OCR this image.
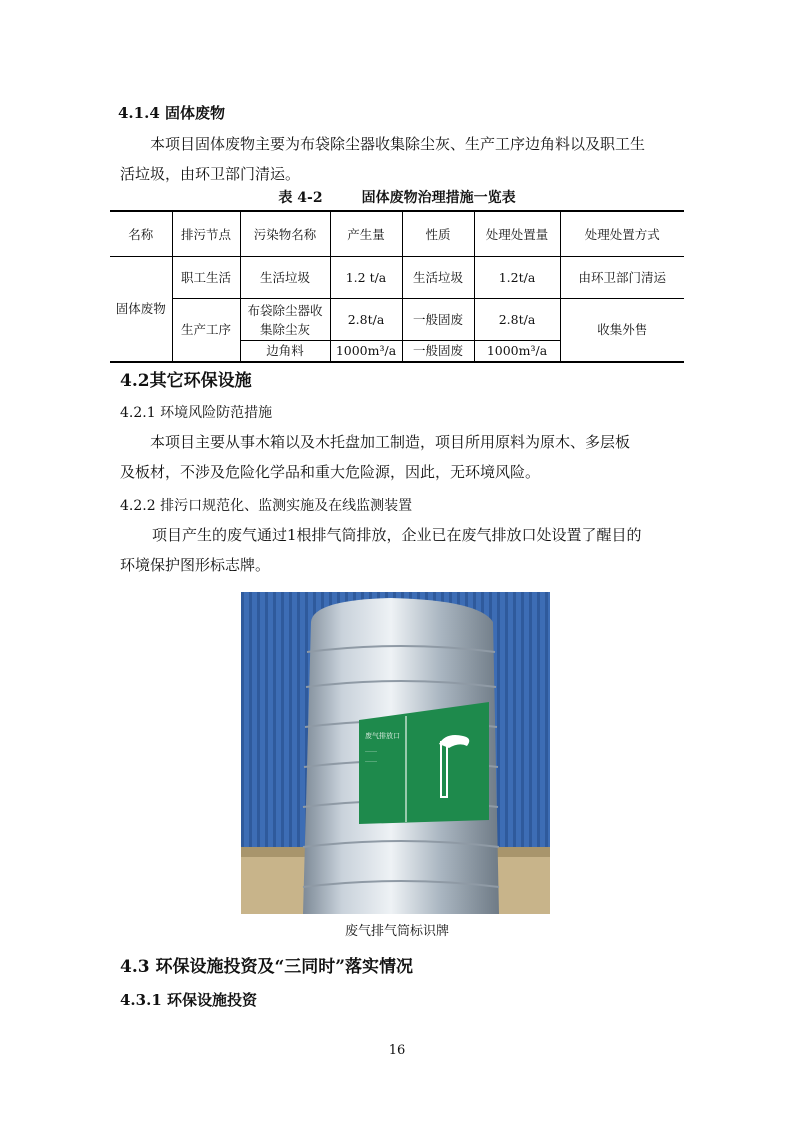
4.1.4 固体废物
本项目固体废物主要为布袋除尘器收集除尘灰、生产工序边角料以及职工生
活垃圾，由环卫部门清运。
表 4-2        固体废物治理措施一览表
名称	排污节点	污染物名称	产生量	性质	处理处置量	处理处置方式
固体废物	职工生活	生活垃圾	1.2 t/a	生活垃圾	1.2t/a	由环卫部门清运
	生产工序	布袋除尘器收集除尘灰	2.8t/a	一般固废	2.8t/a	收集外售
		边角料	1000m³/a	一般固废	1000m³/a	
4.2其它环保设施
4.2.1 环境风险防范措施
本项目主要从事木箱以及木托盘加工制造，项目所用原料为原木、多层板
及板材，不涉及危险化学品和重大危险源，因此，无环境风险。
4.2.2 排污口规范化、监测实施及在线监测装置
项目产生的废气通过1根排气筒排放，企业已在废气排放口处设置了醒目的
环境保护图形标志牌。
废气排放口
……
……
废气排气筒标识牌
4.3 环保设施投资及“三同时”落实情况
4.3.1 环保设施投资
16
